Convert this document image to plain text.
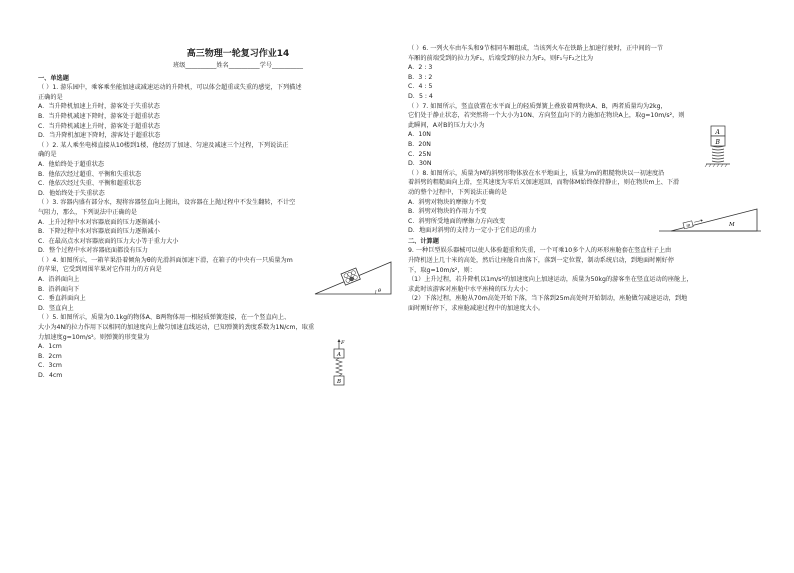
高三物理一轮复习作业14
班级__________姓名__________学号__________
一、单选题
（ ）1. 游乐园中，乘客乘坐能加速或减速运动的升降机，可以体会超重或失重的感觉，下列描述
正确的是
A．当升降机加速上升时，游客处于失重状态
B．当升降机减速下降时，游客处于超重状态
C．当升降机减速上升时，游客处于超重状态
D．当升降机加速下降时，游客处于超重状态
（ ）2. 某人乘坐电梯直接从10楼到1楼，他经历了加速、匀速及减速三个过程，下列说法正
确的是
A．他始终处于超重状态
B．他依次经过超重、平衡和失重状态
C．他依次经过失重、平衡和超重状态
D．他始终处于失重状态
（ ）3. 容器内盛有部分水，现将容器竖直向上抛出，设容器在上抛过程中不发生翻转，不计空
气阻力，那么，下列说法中正确的是
A．上升过程中水对容器底面的压力逐渐减小
B．下降过程中水对容器底面的压力逐渐减小
C．在最高点水对容器底面的压力大小等于重力大小
D．整个过程中水对容器底面都没有压力
（ ）4. 如图所示，一箱苹果沿着倾角为θ的光滑斜面加速下滑，在箱子的中央有一只质量为m
的苹果，它受到周围苹果对它作用力的方向是
A．沿斜面向上
B．沿斜面向下
C．垂直斜面向上
D．竖直向上
θ
（ ）5. 如图所示，质量为0.1kg的物体A、B两物体用一根轻质弹簧连接，在一个竖直向上、
大小为4N的拉力作用下以相同的加速度向上做匀加速直线运动，已知弹簧的劲度系数为1N/cm，取重
力加速度g=10m/s²。则弹簧的形变量为
A．1cm
B．2cm
C．3cm
D．4cm
F
A
B
（ ）6. 一列火车由车头和9节相同车厢组成，当该列火车在铁路上加速行驶时，正中间的一节
车厢的前端受到的拉力为F₁，后端受到的拉力为F₂，则F₁与F₂之比为
A．2 : 3
B．3 : 2
C．4 : 5
D．5 : 4
（ ）7. 如图所示，竖直放置在水平面上的轻质弹簧上叠放着两物块A、B，两者质量均为2kg，
它们处于静止状态，若突然将一个大小为10N、方向竖直向下的力施加在物块A上，取g=10m/s²，则
此瞬间，A对B的压力大小为
A．10N
B．20N
C．25N
D．30N
A
B
（ ）8. 如图所示，质量为M的斜劈形物体放在水平地面上，质量为m的粗糙物块以一初速度沿
着斜劈的粗糙面向上滑，至其速度为零后又加速返回，而物体M始终保持静止，则在物块m上、下滑
动的整个过程中，下列说法正确的是
A．斜劈对物块的摩擦力不变
B．斜劈对物块的作用力不变
C．斜劈所受地面的摩擦力方向改变
D．地面对斜劈的支持力一定小于它们总的重力
m	M
二、计算题
9. 一种巨型娱乐器械可以使人体验超重和失重，一个可乘10多个人的环形座舱套在竖直柱子上由
升降机送上几十米的高处，然后让座舱自由落下，落到一定位置，制动系统启动，到地面时刚好停
下，取g=10m/s²，则：
（1）上升过程，若升降机以1m/s²的加速度向上加速运动，质量为50kg的游客坐在竖直运动的座舱上，
求此时该游客对座舱中水平座椅的压力大小；
（2）下落过程，座舱从70m高处开始下落，当下落到25m高处时开始制动，座舱做匀减速运动，到地
面时刚好停下，求座舱减速过程中的加速度大小。
